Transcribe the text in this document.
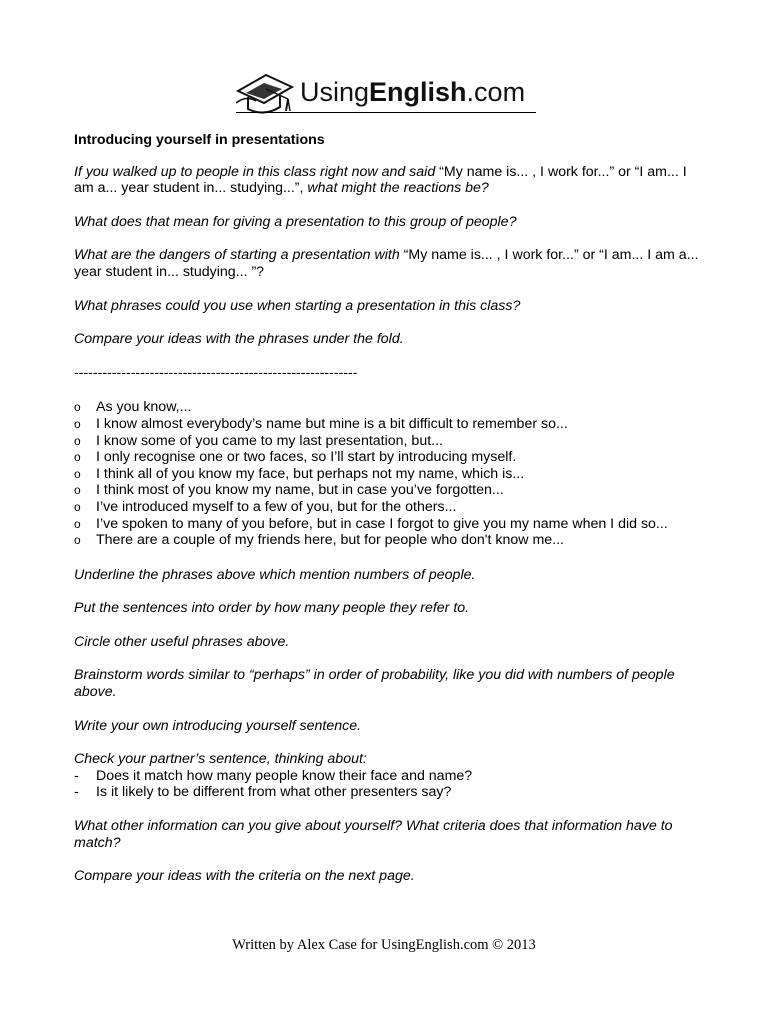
UsingEnglish.com
Introducing yourself in presentations

If you walked up to people in this class right now and said “My name is... , I work for...” or “I am... I am a... year student in... studying...”, what might the reactions be?

What does that mean for giving a presentation to this group of people?

What are the dangers of starting a presentation with “My name is... , I work for...” or “I am... I am a... year student in... studying... ”?

What phrases could you use when starting a presentation in this class?

Compare your ideas with the phrases under the fold.

------------------------------------------------------------
o As you know,...
o I know almost everybody’s name but mine is a bit difficult to remember so...
o I know some of you came to my last presentation, but...
o I only recognise one or two faces, so I’ll start by introducing myself.
o I think all of you know my face, but perhaps not my name, which is...
o I think most of you know my name, but in case you’ve forgotten...
o I’ve introduced myself to a few of you, but for the others...
o I’ve spoken to many of you before, but in case I forgot to give you my name when I did so...
o There are a couple of my friends here, but for people who don't know me...

Underline the phrases above which mention numbers of people.

Put the sentences into order by how many people they refer to.

Circle other useful phrases above.

Brainstorm words similar to “perhaps” in order of probability, like you did with numbers of people above.

Write your own introducing yourself sentence.

Check your partner’s sentence, thinking about:

- Does it match how many people know their face and name?
- Is it likely to be different from what other presenters say?

What other information can you give about yourself? What criteria does that information have to match?

Compare your ideas with the criteria on the next page.

Written by Alex Case for UsingEnglish.com © 2013
